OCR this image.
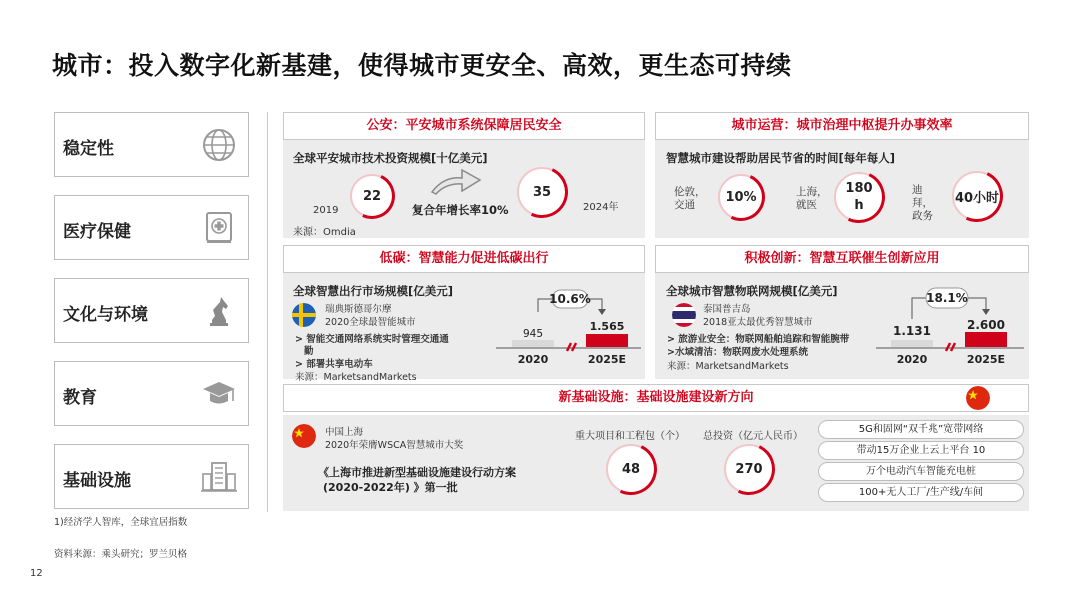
城市：投入数字化新基建，使得城市更安全、高效，更生态可持续
稳定性
医疗保健
文化与环境
教育
基础设施
1)经济学人智库，全球宜居指数
资料来源：乘头研究；罗兰贝格
12
公安：平安城市系统保障居民安全
全球平安城市技术投资规模[十亿美元]
22
2019	复合年增长率10%
35
2024年
来源：Omdia
城市运营：城市治理中枢提升办事效率
智慧城市建设帮助居民节省的时间[每年每人]
伦敦，
交通
10%	上海，
就医
180
h
迪
拜，
政务
40小时
低碳：智慧能力促进低碳出行
全球智慧出行市场规模[亿美元]
瑞典斯德哥尔摩
2020全球最智能城市
> 智能交通网络系统实时管理交通通
勤
> 部署共享电动车
来源：MarketsandMarkets
10.6%
945
1.565
2020	2025E
积极创新：智慧互联催生创新应用
全球城市智慧物联网规模[亿美元]
泰国普吉岛
2018亚太最优秀智慧城市
> 旅游业安全：物联网船舶追踪和智能腕带
>水域清洁：物联网废水处理系统
来源：MarketsandMarkets
18.1%
1.131	2.600
2020	2025E
新基础设施：基础设施建设新方向
中国上海
2020年荣膺WSCA智慧城市大奖
《上海市推进新型基础设施建设行动方案
(2020-2022年) 》第一批
重大项目和工程包（个）
48
总投资（亿元人民币）
270
5G和固网“双千兆”宽带网络
带动15万企业上云上平台 10
万个电动汽车智能充电桩
100+无人工厂/生产线/车间
